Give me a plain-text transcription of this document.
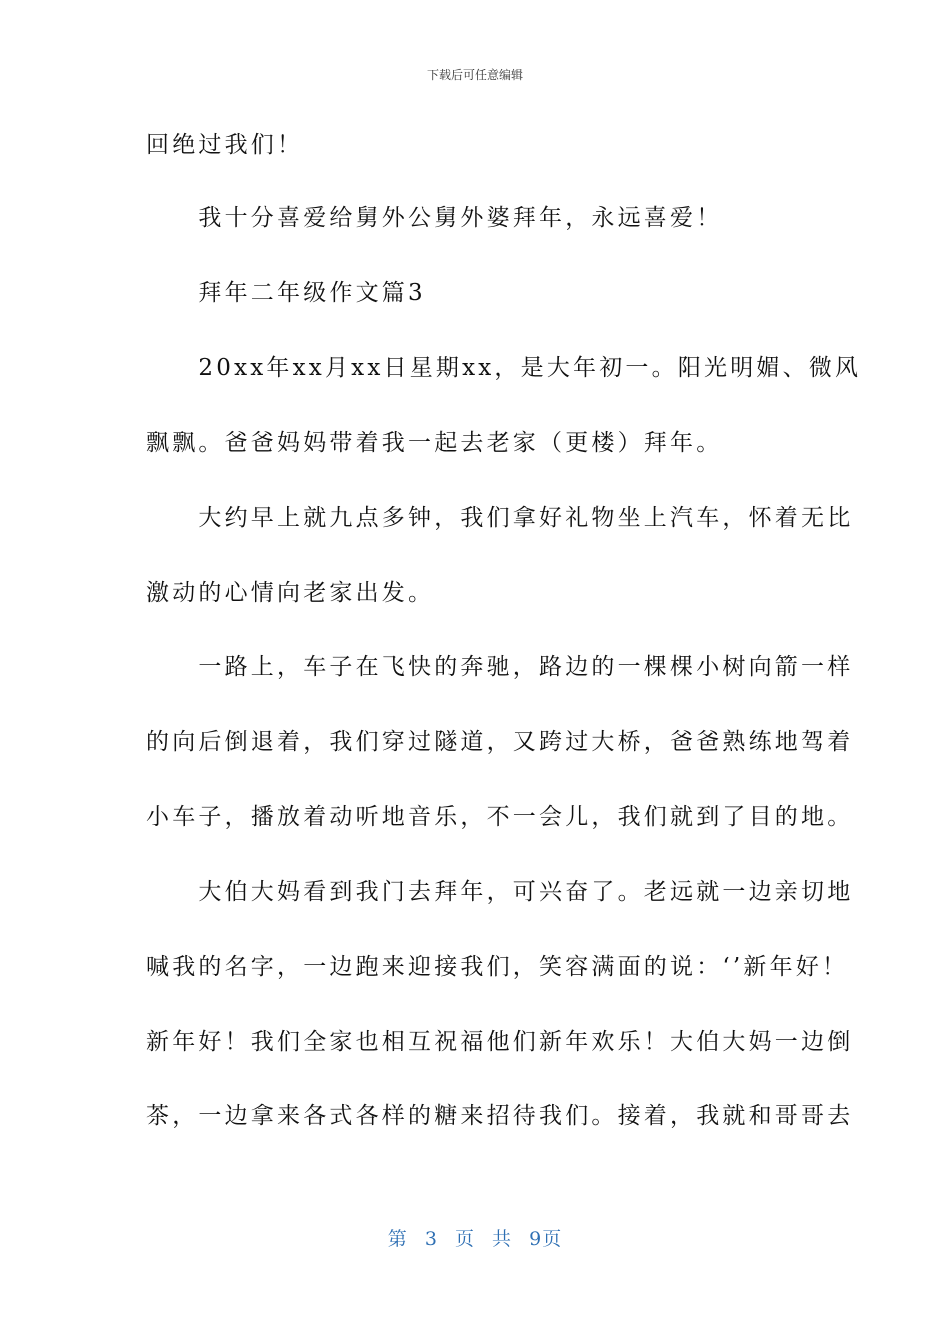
下载后可任意编辑
回绝过我们！
　　我十分喜爱给舅外公舅外婆拜年，永远喜爱！
　　拜年二年级作文篇3
　　20xx年xx月xx日星期xx，是大年初一。阳光明媚、微风
飘飘。爸爸妈妈带着我一起去老家（更楼）拜年。
　　大约早上就九点多钟，我们拿好礼物坐上汽车，怀着无比
激动的心情向老家出发。
　　一路上，车子在飞快的奔驰，路边的一棵棵小树向箭一样
的向后倒退着，我们穿过隧道，又跨过大桥，爸爸熟练地驾着
小车子，播放着动听地音乐，不一会儿，我们就到了目的地。
　　大伯大妈看到我门去拜年，可兴奋了。老远就一边亲切地
喊我的名字，一边跑来迎接我们，笑容满面的说：‘’新年好！
新年好！我们全家也相互祝福他们新年欢乐！大伯大妈一边倒
茶，一边拿来各式各样的糖来招待我们。接着，我就和哥哥去
第 3 页 共 9页
